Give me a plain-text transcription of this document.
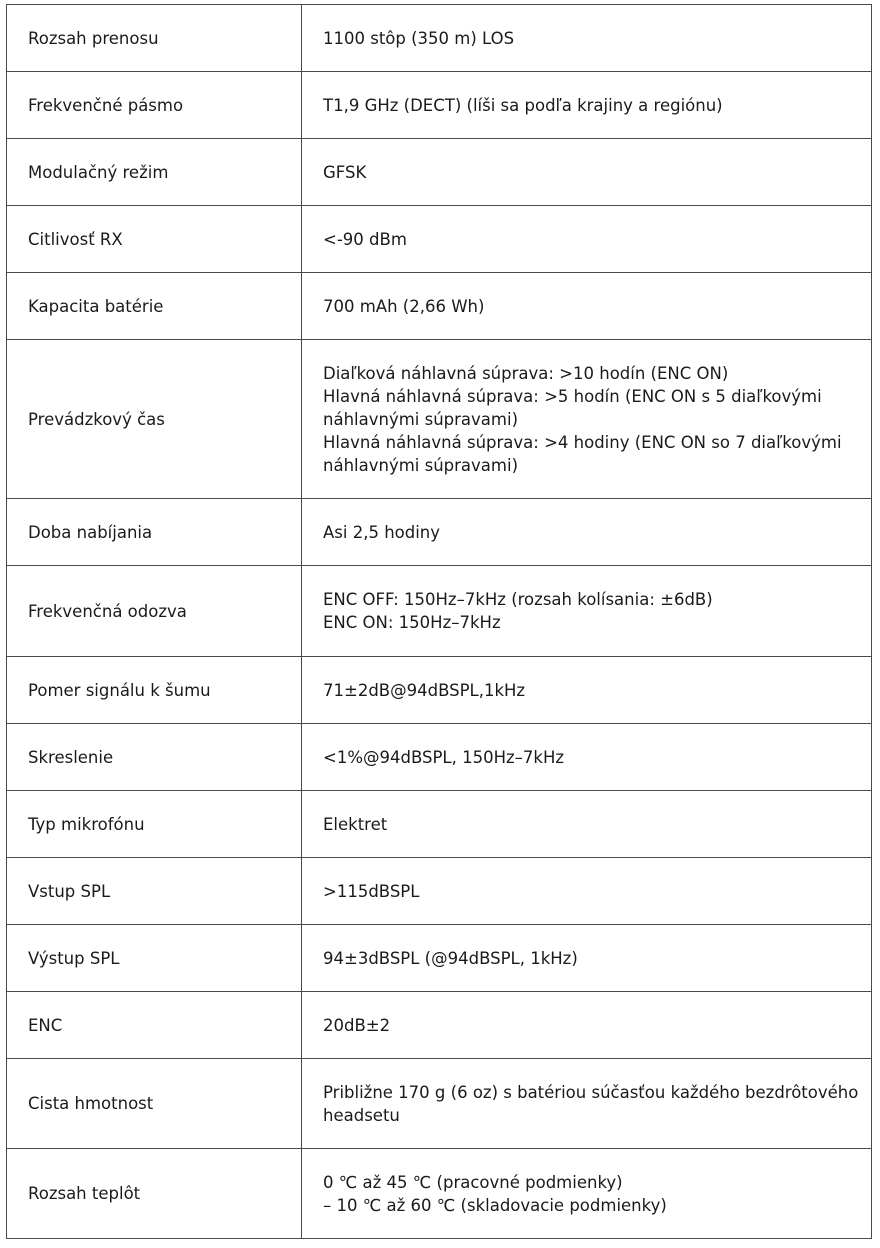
Rozsah prenosu	1100 stôp (350 m) LOS

Frekvenčné pásmo	Τ1,9 GHz (DECT) (líši sa podľa krajiny a regiónu)

Modulačný režim	GFSK

Citlivosť RX	<-90 dBm

Kapacita batérie	700 mAh (2,66 Wh)

Prevádzkový čas	Diaľková náhlavná súprava: >10 hodín (ENC ON)
Hlavná náhlavná súprava: >5 hodín (ENC ON s 5 diaľkovými
náhlavnými súpravami)
Hlavná náhlavná súprava: >4 hodiny (ENC ON so 7 diaľkovými
náhlavnými súpravami)

Doba nabíjania	Asi 2,5 hodiny

Frekvenčná odozva	ENC OFF: 150Hz–7kHz (rozsah kolísania: ±6dB)
ENC ON: 150Hz–7kHz

Pomer signálu k šumu	71±2dB@94dBSPL,1kHz

Skreslenie	<1%@94dBSPL, 150Hz–7kHz

Typ mikrofónu	Elektret

Vstup SPL	>115dBSPL

Výstup SPL	94±3dBSPL (@94dBSPL, 1kHz)

ENC	20dB±2

Cista hmotnost	Približne 170 g (6 oz) s batériou súčasťou každého bezdrôtového
headsetu

Rozsah teplôt	0 ℃ až 45 ℃ (pracovné podmienky)
– 10 ℃ až 60 ℃ (skladovacie podmienky)
